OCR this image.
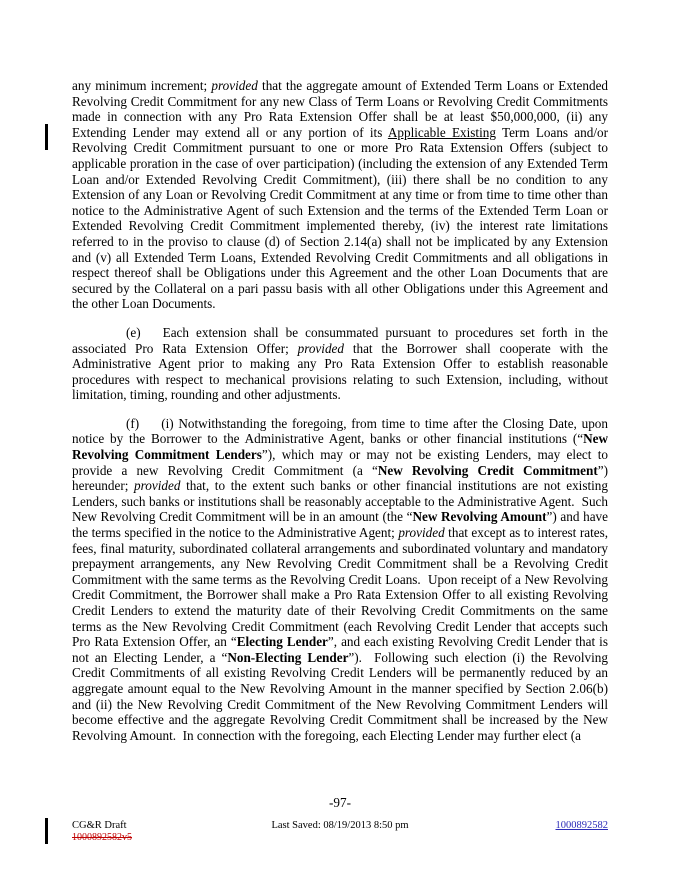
any minimum increment; provided that the aggregate amount of Extended Term Loans or Extended Revolving Credit Commitment for any new Class of Term Loans or Revolving Credit Commitments made in connection with any Pro Rata Extension Offer shall be at least $50,000,000, (ii) any Extending Lender may extend all or any portion of its Applicable Existing Term Loans and/or Revolving Credit Commitment pursuant to one or more Pro Rata Extension Offers (subject to applicable proration in the case of over participation) (including the extension of any Extended Term Loan and/or Extended Revolving Credit Commitment), (iii) there shall be no condition to any Extension of any Loan or Revolving Credit Commitment at any time or from time to time other than notice to the Administrative Agent of such Extension and the terms of the Extended Term Loan or Extended Revolving Credit Commitment implemented thereby, (iv) the interest rate limitations referred to in the proviso to clause (d) of Section 2.14(a) shall not be implicated by any Extension and (v) all Extended Term Loans, Extended Revolving Credit Commitments and all obligations in respect thereof shall be Obligations under this Agreement and the other Loan Documents that are secured by the Collateral on a pari passu basis with all other Obligations under this Agreement and the other Loan Documents.

(e) Each extension shall be consummated pursuant to procedures set forth in the associated Pro Rata Extension Offer; provided that the Borrower shall cooperate with the Administrative Agent prior to making any Pro Rata Extension Offer to establish reasonable procedures with respect to mechanical provisions relating to such Extension, including, without limitation, timing, rounding and other adjustments.

(f) (i) Notwithstanding the foregoing, from time to time after the Closing Date, upon notice by the Borrower to the Administrative Agent, banks or other financial institutions (“New Revolving Commitment Lenders”), which may or may not be existing Lenders, may elect to provide a new Revolving Credit Commitment (a “New Revolving Credit Commitment”) hereunder; provided that, to the extent such banks or other financial institutions are not existing Lenders, such banks or institutions shall be reasonably acceptable to the Administrative Agent.  Such New Revolving Credit Commitment will be in an amount (the “New Revolving Amount”) and have the terms specified in the notice to the Administrative Agent; provided that except as to interest rates, fees, final maturity, subordinated collateral arrangements and subordinated voluntary and mandatory prepayment arrangements, any New Revolving Credit Commitment shall be a Revolving Credit Commitment with the same terms as the Revolving Credit Loans.  Upon receipt of a New Revolving Credit Commitment, the Borrower shall make a Pro Rata Extension Offer to all existing Revolving Credit Lenders to extend the maturity date of their Revolving Credit Commitments on the same terms as the New Revolving Credit Commitment (each Revolving Credit Lender that accepts such Pro Rata Extension Offer, an “Electing Lender”, and each existing Revolving Credit Lender that is not an Electing Lender, a “Non-Electing Lender”).  Following such election (i) the Revolving Credit Commitments of all existing Revolving Credit Lenders will be permanently reduced by an aggregate amount equal to the New Revolving Amount in the manner specified by Section 2.06(b) and (ii) the New Revolving Credit Commitment of the New Revolving Commitment Lenders will become effective and the aggregate Revolving Credit Commitment shall be increased by the New Revolving Amount.  In connection with the foregoing, each Electing Lender may further elect (a

-97-
CG&R Draft	Last Saved: 08/19/2013 8:50 pm	1000892582
1000892582v5
